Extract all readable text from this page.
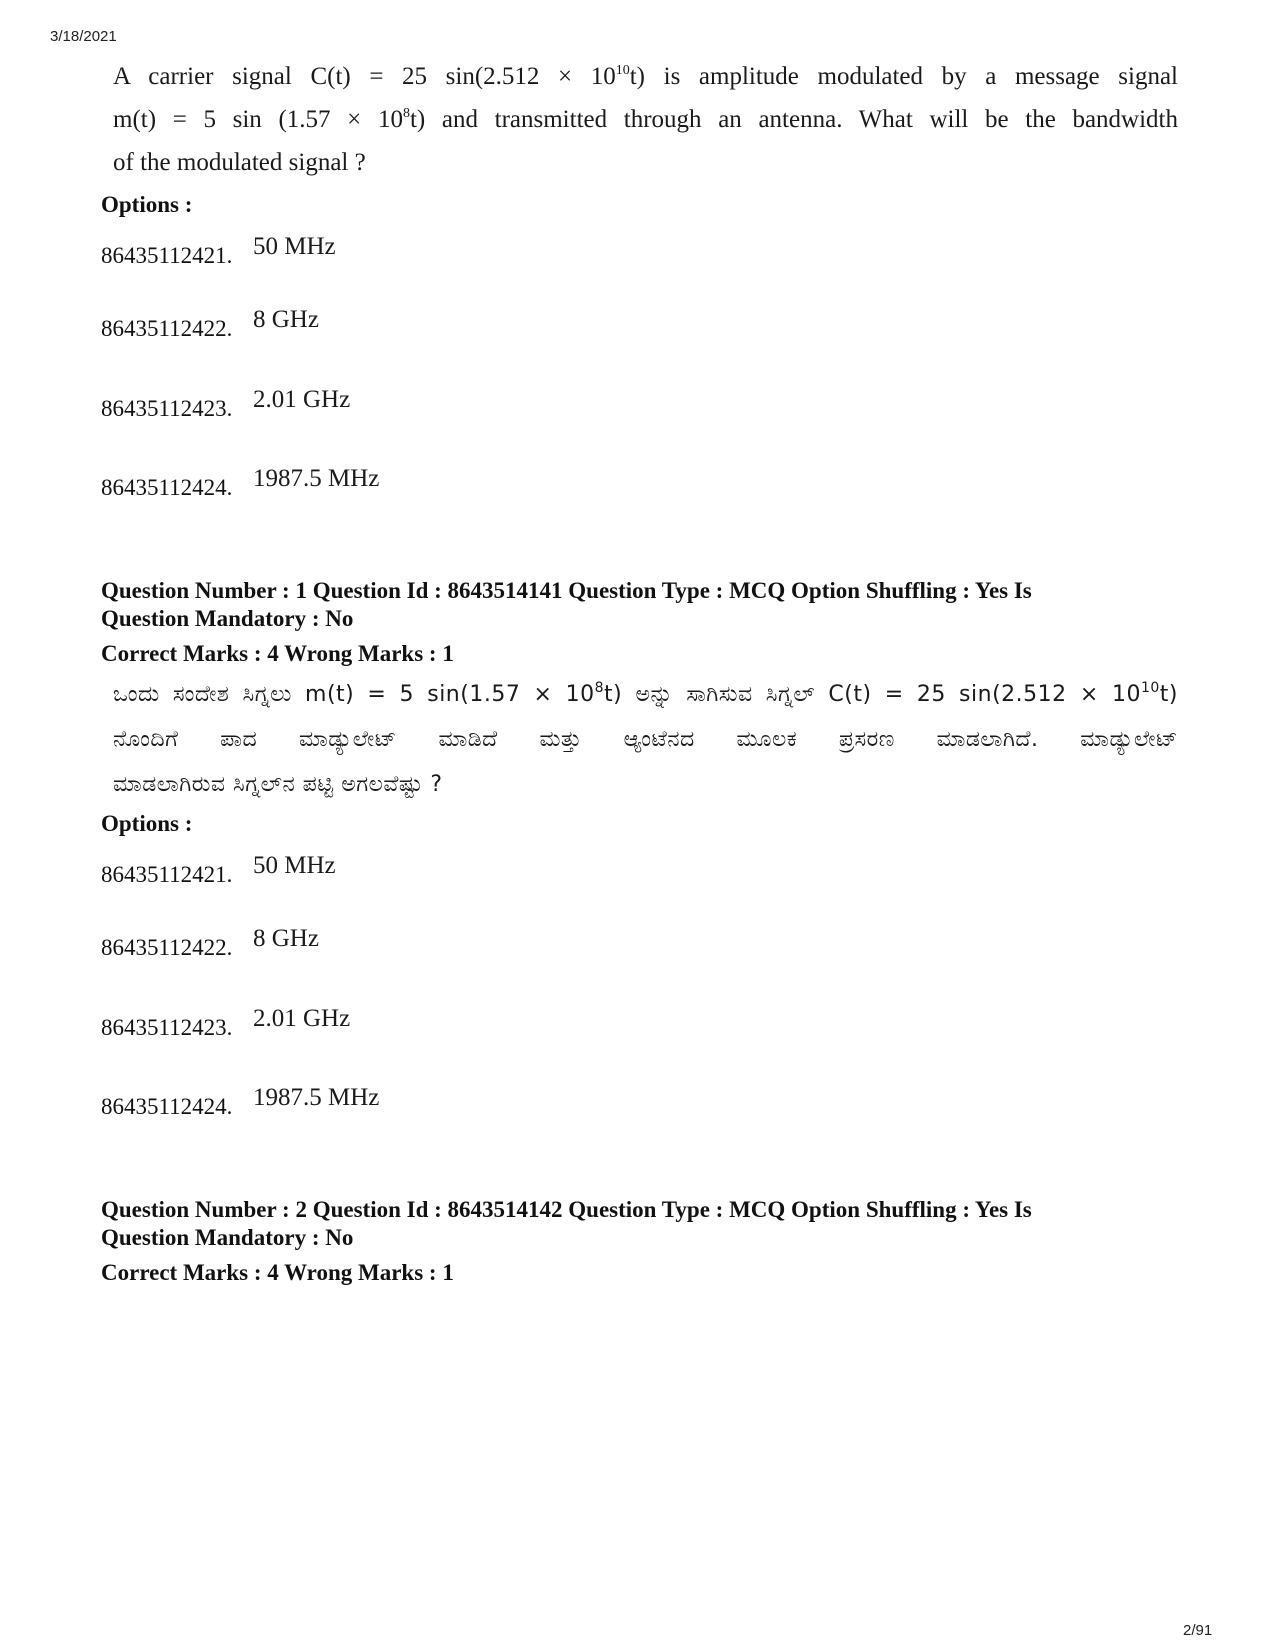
3/18/2021
A carrier signal C(t) = 25 $\sin(2.512 \times 10^{10}t)$ is amplitude modulated by a message signal
m(t) = 5 $\sin (1.57 \times 10^8t)$ and transmitted through an antenna. What will be the bandwidth
of the modulated signal ?
Options :
86435112421. 50 MHz
86435112422. 8 GHz
86435112423. 2.01 GHz
86435112424. 1987.5 MHz
Question Number : 1 Question Id : 8643514141 Question Type : MCQ Option Shuffling : Yes Is
Question Mandatory : No
Correct Marks : 4 Wrong Marks : 1
ಒಂದು ಸಂದೇಶ ಸಿಗ್ನಲು m(t) = 5 $\sin(1.57 \times 10^8t)$ ಅನ್ನು ಸಾಗಿಸುವ ಸಿಗ್ನಲ್ C(t) = 25 $\sin(2.512 \times 10^{10}t)$
ನೊಂದಿಗೆ ಪಾದ ಮಾಡ್ಯುಲೇಟ್ ಮಾಡಿದೆ ಮತ್ತು ಆ್ಯಂಟೆನದ ಮೂಲಕ ಪ್ರಸರಣ ಮಾಡಲಾಗಿದೆ. ಮಾಡ್ಯುಲೇಟ್
ಮಾಡಲಾಗಿರುವ ಸಿಗ್ನಲ್‌ನ ಪಟ್ಟಿ ಅಗಲವೆಷ್ಟು ?
Options :
86435112421. 50 MHz
86435112422. 8 GHz
86435112423. 2.01 GHz
86435112424. 1987.5 MHz
Question Number : 2 Question Id : 8643514142 Question Type : MCQ Option Shuffling : Yes Is
Question Mandatory : No
Correct Marks : 4 Wrong Marks : 1
2/91
